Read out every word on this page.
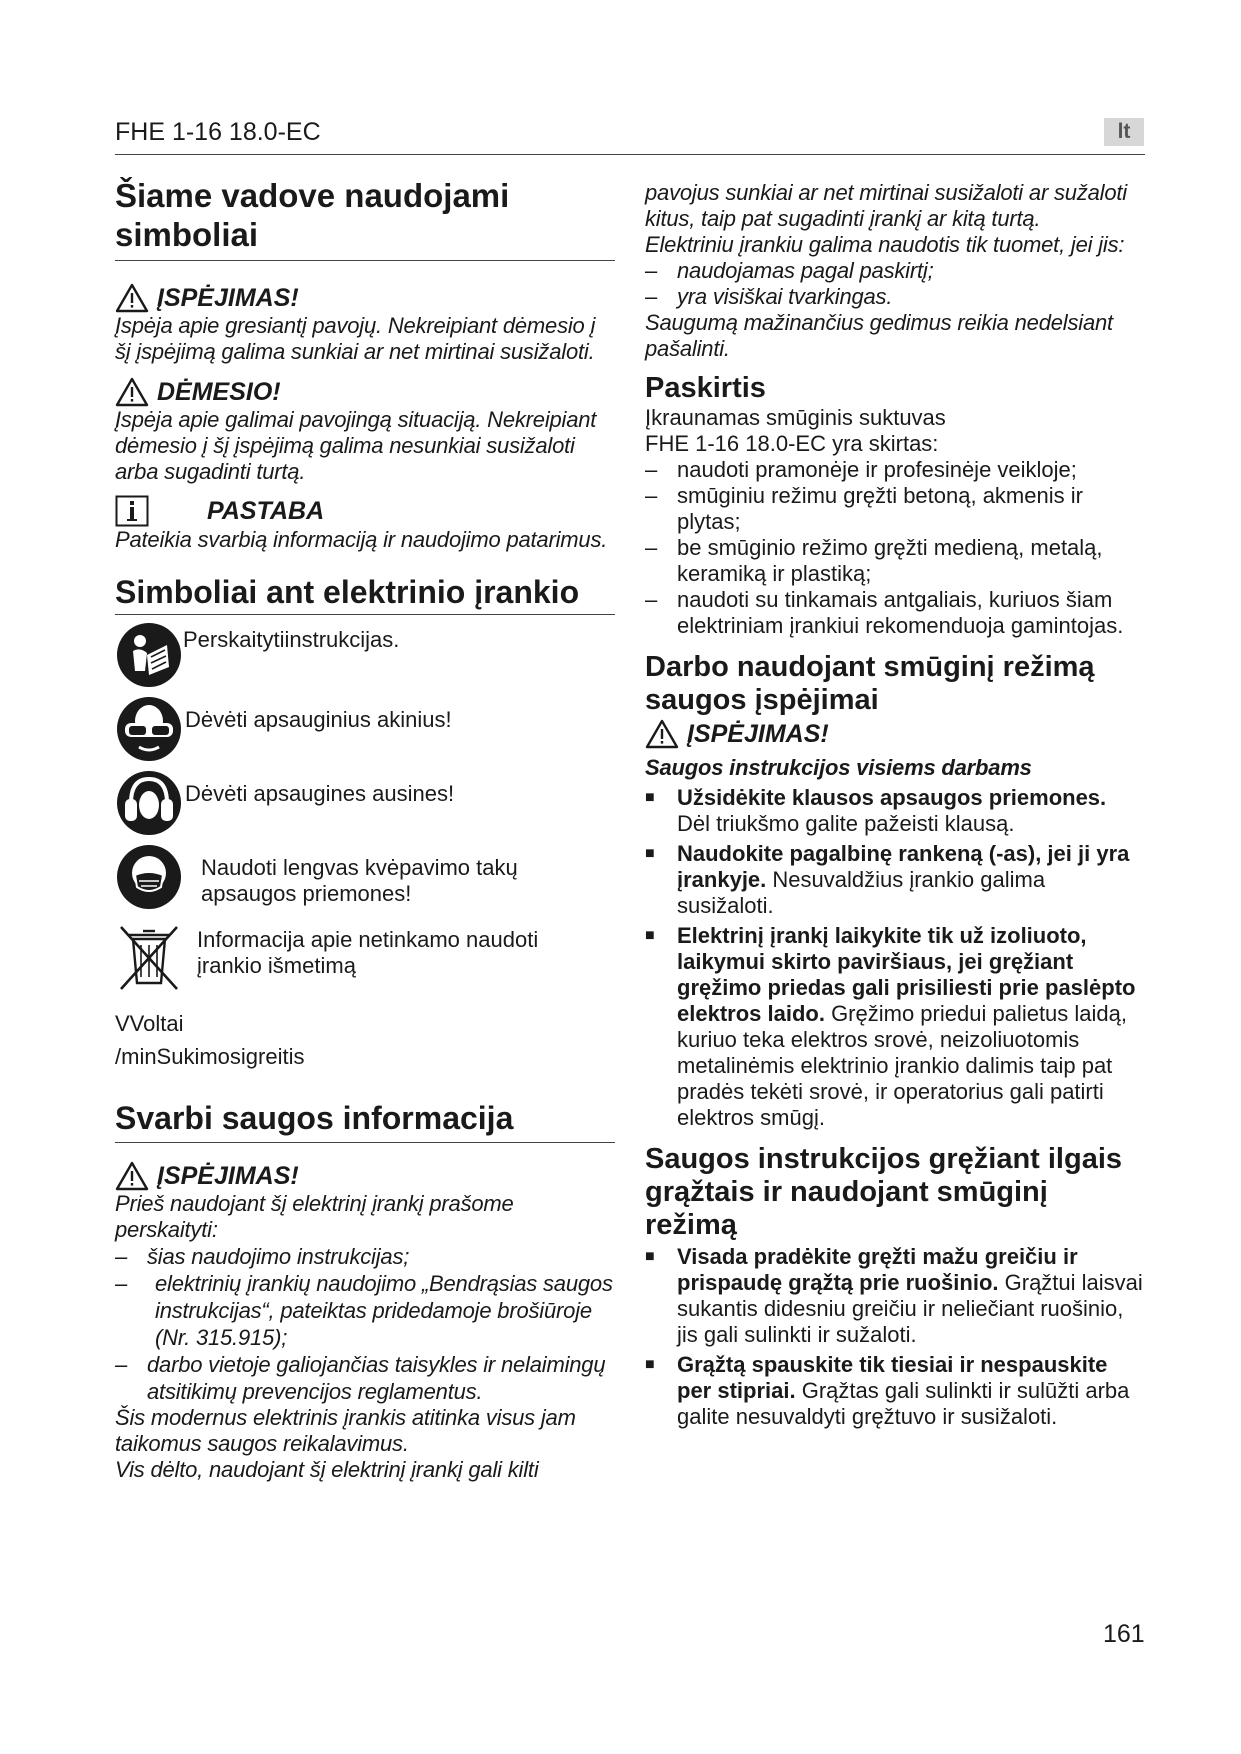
FHE 1-16 18.0-EC	lt
Šiame vadove naudojami simboliai
ĮSPĖJIMAS!
Įspėja apie gresiantį pavojų. Nekreipiant dėmesio į šį įspėjimą galima sunkiai ar net mirtinai susižaloti.
DĖMESIO!
Įspėja apie galimai pavojingą situaciją. Nekreipiant dėmesio į šį įspėjimą galima nesunkiai susižaloti arba sugadinti turtą.
PASTABA
Pateikia svarbią informaciją ir naudojimo patarimus.
Simboliai ant elektrinio įrankio
Perskaitytiinstrukcijas.
Dėvėti apsauginius akinius!
Dėvėti apsaugines ausines!
Naudoti lengvas kvėpavimo takų apsaugos priemones!
Informacija apie netinkamo naudoti įrankio išmetimą
VVoltai
/minSukimosigreitis
Svarbi saugos informacija
ĮSPĖJIMAS!
Prieš naudojant šį elektrinį įrankį prašome perskaityti:
– šias naudojimo instrukcijas;
–	elektrinių įrankių naudojimo „Bendrąsias saugos instrukcijas“, pateiktas pridedamoje brošiūroje (Nr. 315.915);
– darbo vietoje galiojančias taisykles ir nelaimingų atsitikimų prevencijos reglamentus.
Šis modernus elektrinis įrankis atitinka visus jam taikomus saugos reikalavimus.
Vis dėlto, naudojant šį elektrinį įrankį gali kilti
pavojus sunkiai ar net mirtinai susižaloti ar sužaloti kitus, taip pat sugadinti įrankį ar kitą turtą.
Elektriniu įrankiu galima naudotis tik tuomet, jei jis:
– naudojamas pagal paskirtį;
– yra visiškai tvarkingas.
Saugumą mažinančius gedimus reikia nedelsiant pašalinti.
Paskirtis
Įkraunamas smūginis suktuvas
FHE 1-16 18.0-EC yra skirtas:
– naudoti pramonėje ir profesinėje veikloje;
– smūginiu režimu gręžti betoną, akmenis ir plytas;
– be smūginio režimo gręžti medieną, metalą, keramiką ir plastiką;
– naudoti su tinkamais antgaliais, kuriuos šiam elektriniam įrankiui rekomenduoja gamintojas.
Darbo naudojant smūginį režimą saugos įspėjimai
ĮSPĖJIMAS!
Saugos instrukcijos visiems darbams
■	Užsidėkite klausos apsaugos priemones. Dėl triukšmo galite pažeisti klausą.
■	Naudokite pagalbinę rankeną (-as), jei ji yra įrankyje. Nesuvaldžius įrankio galima susižaloti.
■	Elektrinį įrankį laikykite tik už izoliuoto, laikymui skirto paviršiaus, jei gręžiant gręžimo priedas gali prisiliesti prie paslėpto elektros laido. Gręžimo priedui palietus laidą, kuriuo teka elektros srovė, neizoliuotomis metalinėmis elektrinio įrankio dalimis taip pat pradės tekėti srovė, ir operatorius gali patirti elektros smūgį.
Saugos instrukcijos gręžiant ilgais grąžtais ir naudojant smūginį režimą
■	Visada pradėkite gręžti mažu greičiu ir prispaudę grąžtą prie ruošinio. Grąžtui laisvai sukantis didesniu greičiu ir neliečiant ruošinio, jis gali sulinkti ir sužaloti.
■	Grąžtą spauskite tik tiesiai ir nespauskite per stipriai. Grąžtas gali sulinkti ir sulūžti arba galite nesuvaldyti gręžtuvo ir susižaloti.
161
